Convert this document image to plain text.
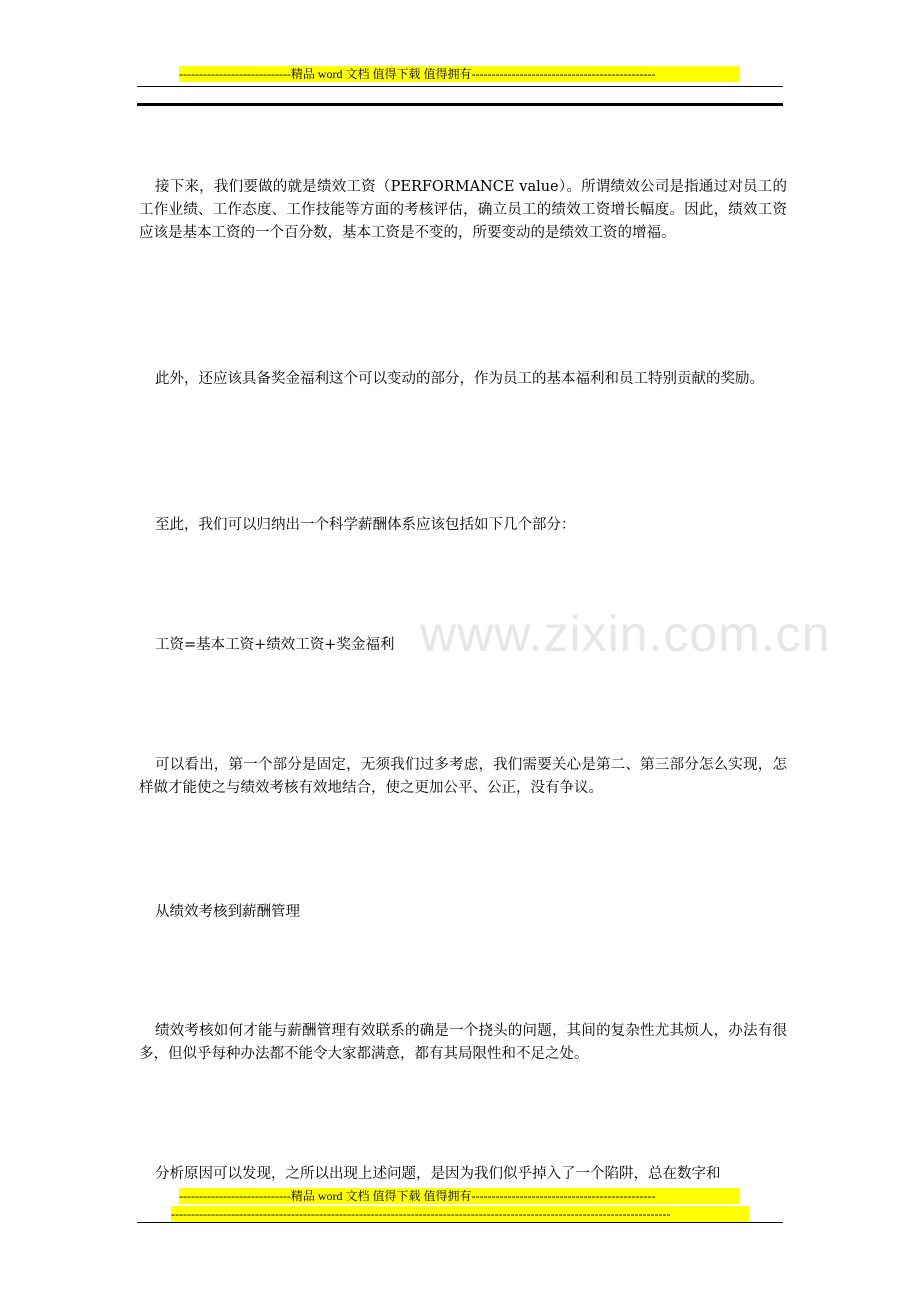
----------------------------精品 word 文档 值得下载 值得拥有----------------------------------------------
www.zixin.com.cn

接下来，我们要做的就是绩效工资（PERFORMANCE value）。所谓绩效公司是指通过对员工的工作业绩、工作态度、工作技能等方面的考核评估，确立员工的绩效工资增长幅度。因此，绩效工资应该是基本工资的一个百分数，基本工资是不变的，所要变动的是绩效工资的增福。

此外，还应该具备奖金福利这个可以变动的部分，作为员工的基本福利和员工特别贡献的奖励。

至此，我们可以归纳出一个科学薪酬体系应该包括如下几个部分：

工资=基本工资+绩效工资+奖金福利

可以看出，第一个部分是固定，无须我们过多考虑，我们需要关心是第二、第三部分怎么实现，怎样做才能使之与绩效考核有效地结合，使之更加公平、公正，没有争议。

从绩效考核到薪酬管理

绩效考核如何才能与薪酬管理有效联系的确是一个挠头的问题，其间的复杂性尤其烦人，办法有很多，但似乎每种办法都不能令大家都满意，都有其局限性和不足之处。

分析原因可以发现，之所以出现上述问题，是因为我们似乎掉入了一个陷阱，总在数字和

----------------------------精品 word 文档 值得下载 值得拥有----------------------------------------------
-----------------------------------------------------------------------------------------------------------------------------
